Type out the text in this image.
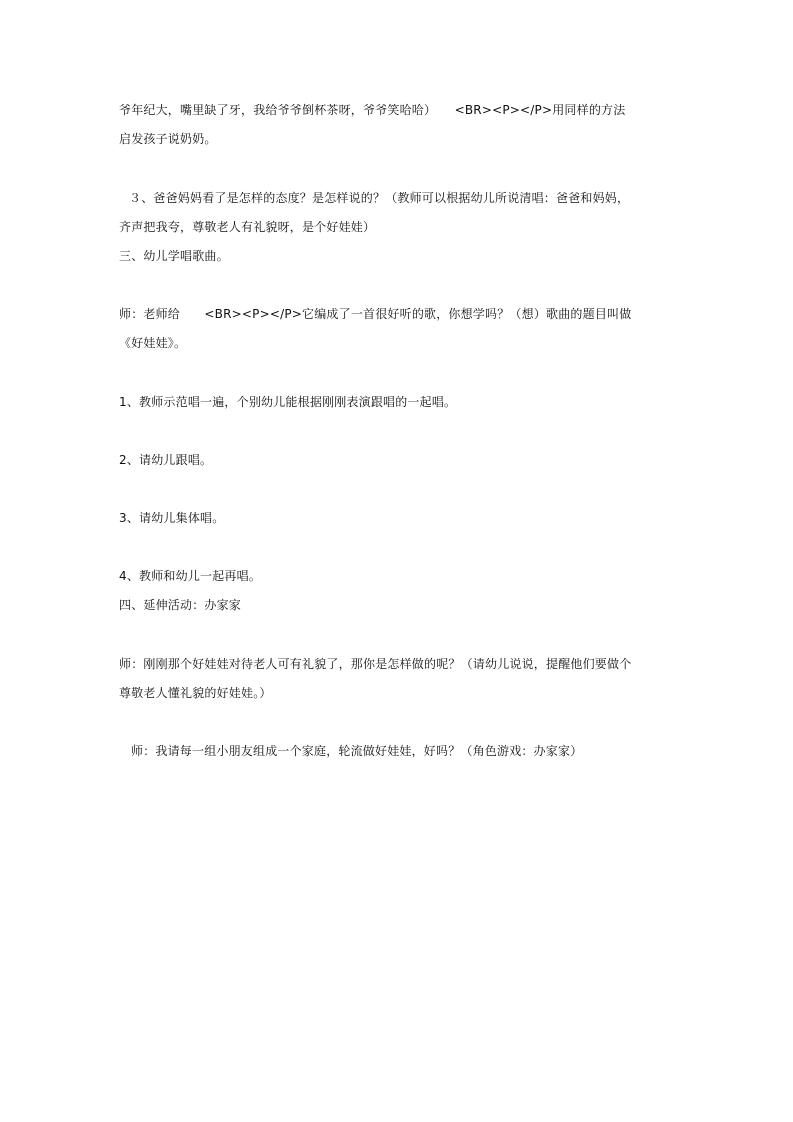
爷年纪大，嘴里缺了牙，我给爷爷倒杯茶呀，爷爷笑哈哈）　　<BR><P></P>用同样的方法
启发孩子说奶奶。
３、爸爸妈妈看了是怎样的态度？是怎样说的？（教师可以根据幼儿所说清唱：爸爸和妈妈，
齐声把我夸，尊敬老人有礼貌呀，是个好娃娃）
三、幼儿学唱歌曲。
师：老师给　　<BR><P></P>它编成了一首很好听的歌，你想学吗？（想）歌曲的题目叫做
《好娃娃》。
1、教师示范唱一遍，个别幼儿能根据刚刚表演跟唱的一起唱。
2、请幼儿跟唱。
3、请幼儿集体唱。
4、教师和幼儿一起再唱。
四、延伸活动：办家家
师：刚刚那个好娃娃对待老人可有礼貌了，那你是怎样做的呢？（请幼儿说说，提醒他们要做个
尊敬老人懂礼貌的好娃娃。）
师：我请每一组小朋友组成一个家庭，轮流做好娃娃，好吗？（角色游戏：办家家）
